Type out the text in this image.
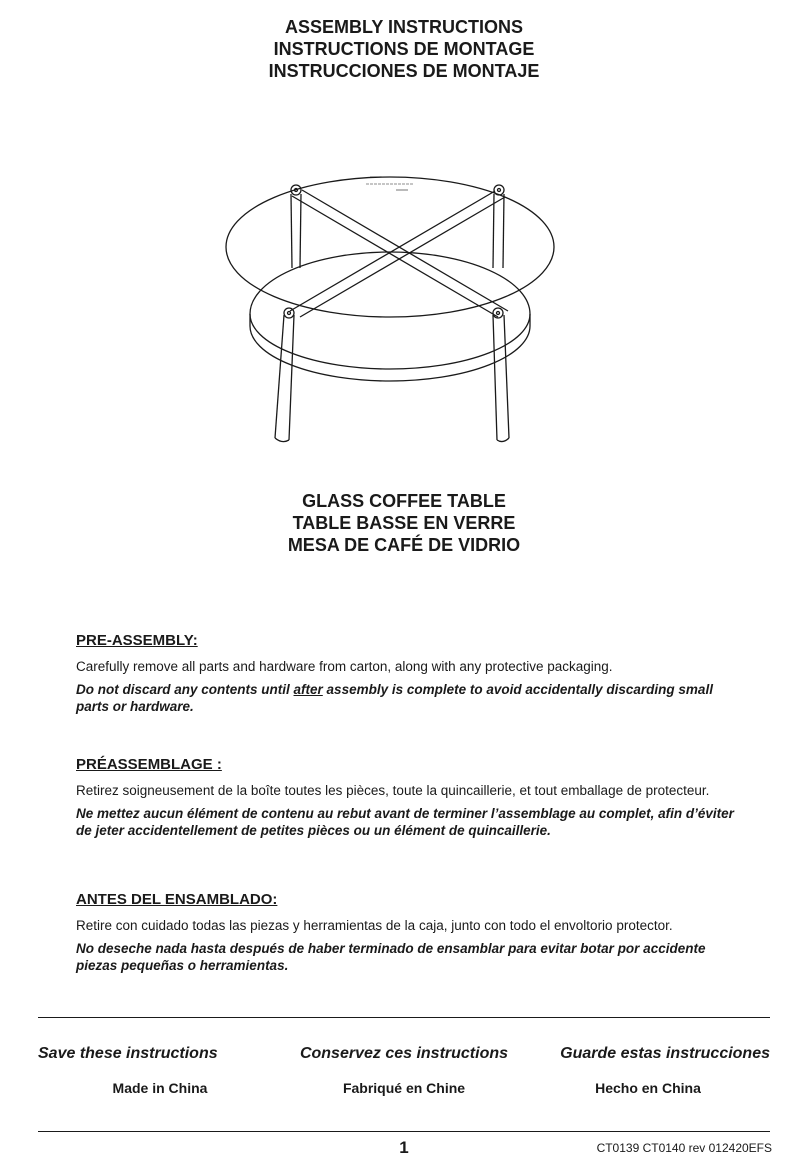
ASSEMBLY INSTRUCTIONS
INSTRUCTIONS DE MONTAGE
INSTRUCCIONES DE MONTAJE
GLASS COFFEE TABLE
TABLE BASSE EN VERRE
MESA DE CAFÉ DE VIDRIO
PRE-ASSEMBLY:

Carefully remove all parts and hardware from carton, along with any protective packaging.

Do not discard any contents until after assembly is complete to avoid accidentally discarding small parts or hardware.

PRÉASSEMBLAGE :

Retirez soigneusement de la boîte toutes les pièces, toute la quincaillerie, et tout emballage de protecteur.

Ne mettez aucun élément de contenu au rebut avant de terminer l’assemblage au complet, afin d’éviter de jeter accidentellement de petites pièces ou un élément de quincaillerie.

ANTES DEL ENSAMBLADO:

Retire con cuidado todas las piezas y herramientas de la caja, junto con todo el envoltorio protector.

No deseche nada hasta después de haber terminado de ensamblar para evitar botar por accidente piezas pequeñas o herramientas.

Save these instructions	Conservez ces instructions	Guarde estas instrucciones
Made in China	Fabriqué en Chine	Hecho en China
1	CT0139 CT0140 rev 012420EFS
